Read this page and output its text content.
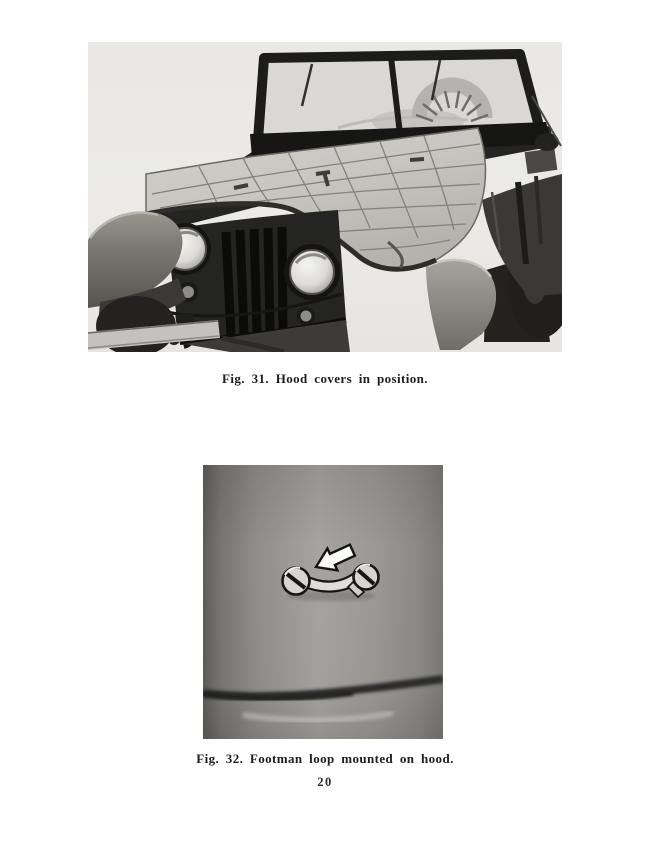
Fig. 31. Hood covers in position.
Fig. 32. Footman loop mounted on hood.
20
